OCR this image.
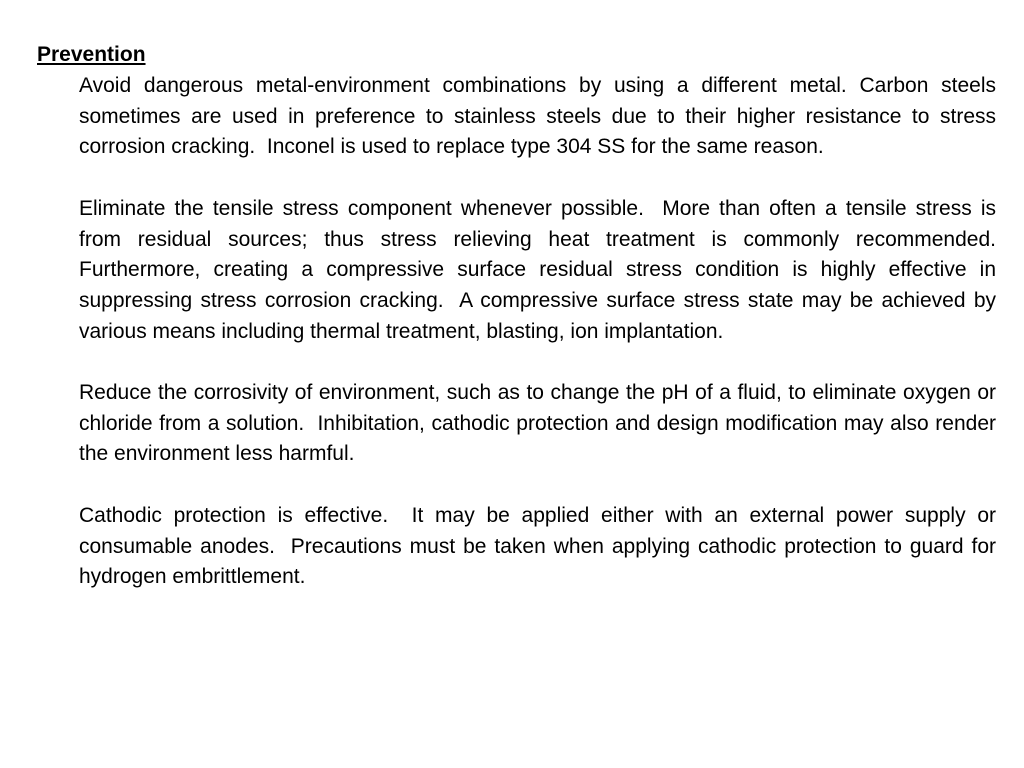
Prevention

Avoid dangerous metal-environment combinations by using a different metal. Carbon steels sometimes are used in preference to stainless steels due to their higher resistance to stress corrosion cracking.  Inconel is used to replace type 304 SS for the same reason.

Eliminate the tensile stress component whenever possible.  More than often a tensile stress is from residual sources; thus stress relieving heat treatment is commonly recommended.  Furthermore, creating a compressive surface residual stress condition is highly effective in suppressing stress corrosion cracking.  A compressive surface stress state may be achieved by various means including thermal treatment, blasting, ion implantation.

Reduce the corrosivity of environment, such as to change the pH of a fluid, to eliminate oxygen or chloride from a solution.  Inhibitation, cathodic protection and design modification may also render the environment less harmful.

Cathodic protection is effective.  It may be applied either with an external power supply or consumable anodes.  Precautions must be taken when applying cathodic protection to guard for hydrogen embrittlement.
